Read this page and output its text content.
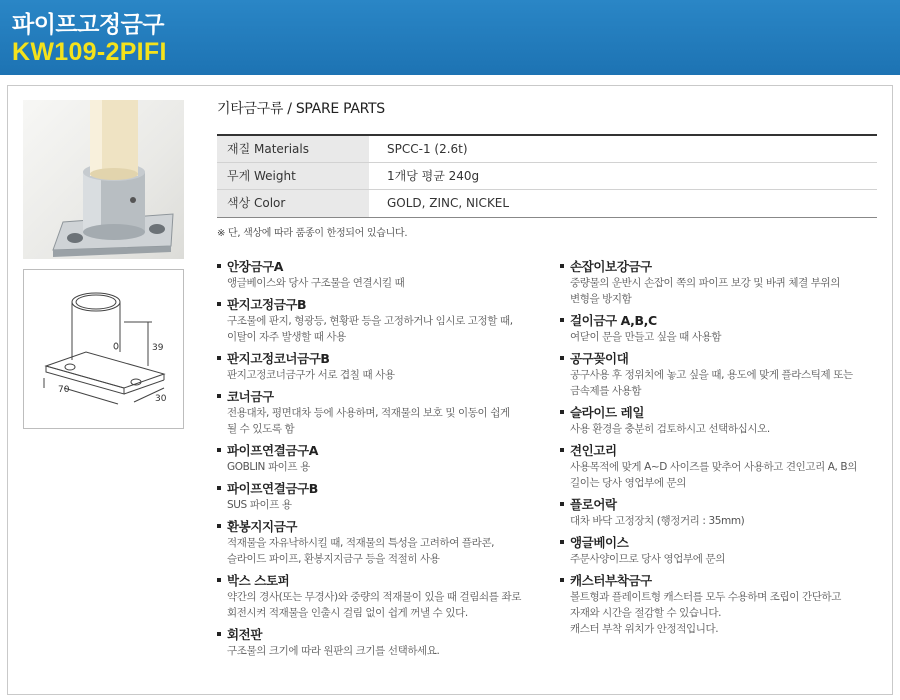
파이프고정금구
KW109-2PIFI
39
70
30
기타금구류 / SPARE PARTS
재질 Materials	SPCC-1 (2.6t)
무게 Weight	1개당 평균 240g
색상 Color	GOLD, ZINC, NICKEL
※ 단, 색상에 따라 품종이 한정되어 있습니다.
안장금구A
앵글베이스와 당사 구조물을 연결시킬 때
판지고정금구B
구조물에 판지, 형광등, 현황판 등을 고정하거나 임시로 고정할 때,
이탈이 자주 발생할 때 사용
판지고정코너금구B
판지고정코너금구가 서로 겹칠 때 사용
코너금구
전용대차, 평면대차 등에 사용하며, 적재물의 보호 및 이동이 쉽게
될 수 있도록 함
파이프연결금구A
GOBLIN 파이프 용
파이프연결금구B
SUS 파이프 용
환봉지지금구
적재물을 자유낙하시킬 때, 적재물의 특성을 고려하여 플라콘,
슬라이드 파이프, 환봉지지금구 등을 적절히 사용
박스 스토퍼
약간의 경사(또는 무경사)와 중량의 적재물이 있을 때 걸림쇠를 좌로
회전시켜 적재물을 인출시 걸림 없이 쉽게 꺼낼 수 있다.
회전판
구조물의 크기에 따라 원판의 크기를 선택하세요.
손잡이보강금구
중량물의 운반시 손잡이 쪽의 파이프 보강 및 바퀴 체결 부위의
변형을 방지함
걸이금구 A,B,C
여닫이 문을 만들고 싶을 때 사용함
공구꽂이대
공구사용 후 정위치에 놓고 싶을 때, 용도에 맞게 플라스틱제 또는
금속제를 사용함
슬라이드 레일
사용 환경을 충분히 검토하시고 선택하십시오.
견인고리
사용목적에 맞게 A~D 사이즈를 맞추어 사용하고 견인고리 A, B의
길이는 당사 영업부에 문의
플로어락
대차 바닥 고정장치 (행정거리 : 35mm)
앵글베이스
주문사양이므로 당사 영업부에 문의
캐스터부착금구
볼트형과 플레이트형 캐스터를 모두 수용하며 조립이 간단하고
자재와 시간을 절감할 수 있습니다.
캐스터 부착 위치가 안정적입니다.
